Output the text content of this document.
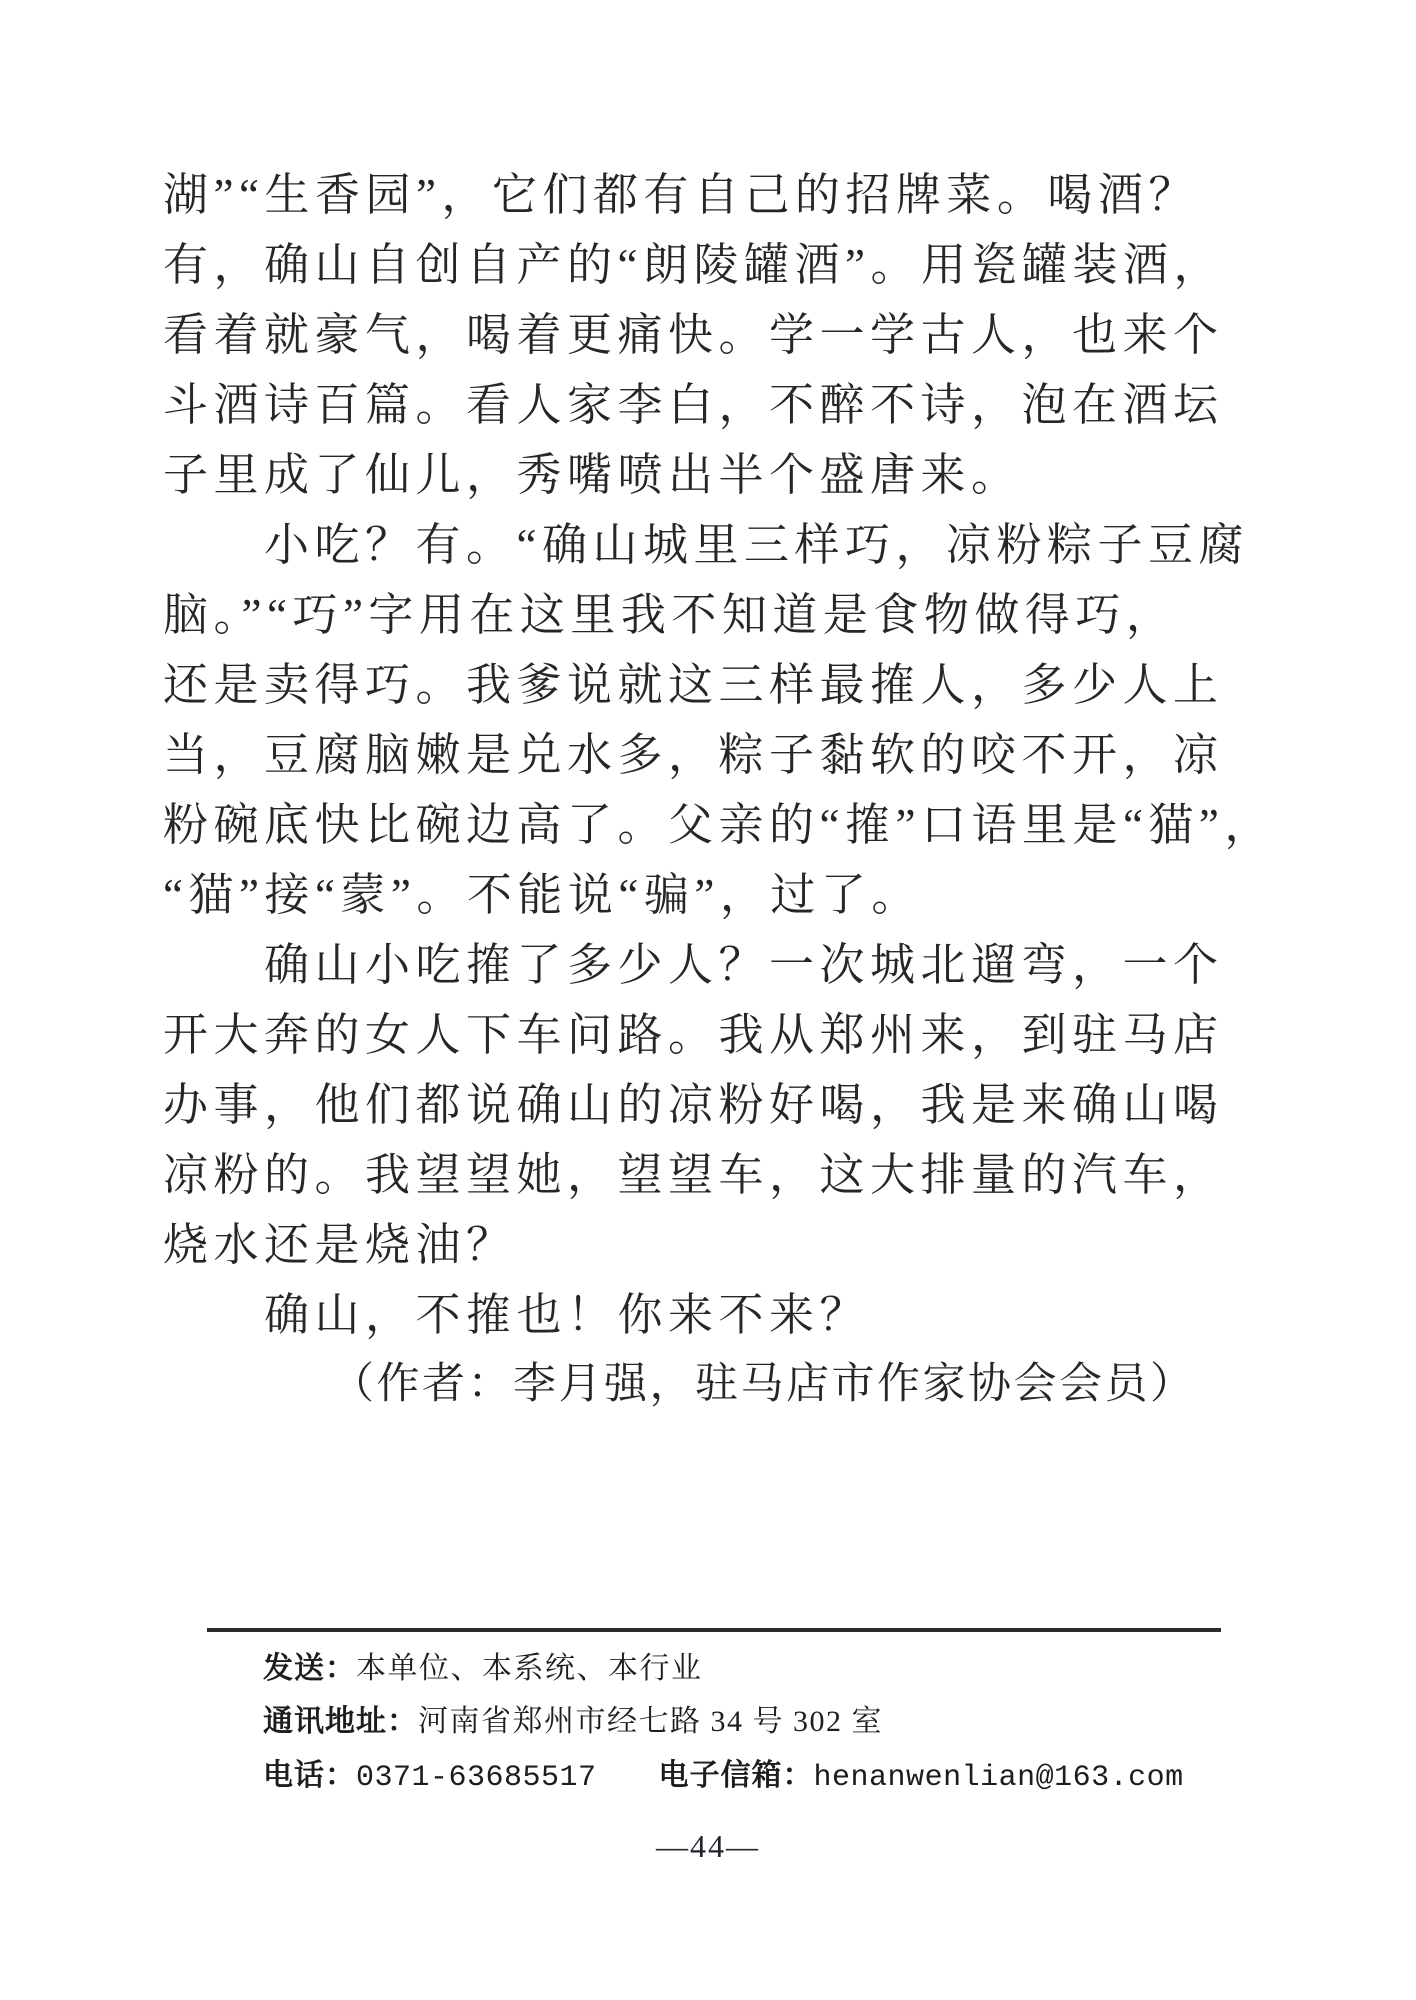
湖”“生香园”，它们都有自己的招牌菜。喝酒？
有，确山自创自产的“朗陵罐酒”。用瓷罐装酒，
看着就豪气，喝着更痛快。学一学古人，也来个
斗酒诗百篇。看人家李白，不醉不诗，泡在酒坛
子里成了仙儿，秀嘴喷出半个盛唐来。
小吃？有。“确山城里三样巧，凉粉粽子豆腐
脑。”“巧”字用在这里我不知道是食物做得巧，
还是卖得巧。我爹说就这三样最搉人，多少人上
当，豆腐脑嫩是兑水多，粽子黏软的咬不开，凉
粉碗底快比碗边高了。父亲的“搉”口语里是“猫”，
“猫”接“蒙”。不能说“骗”，过了。
确山小吃搉了多少人？一次城北遛弯，一个
开大奔的女人下车问路。我从郑州来，到驻马店
办事，他们都说确山的凉粉好喝，我是来确山喝
凉粉的。我望望她，望望车，这大排量的汽车，
烧水还是烧油？
确山，不搉也！你来不来？
（作者：李月强，驻马店市作家协会会员）
发送：本单位、本系统、本行业
通讯地址：河南省郑州市经七路 34 号 302 室
电话：0371-63685517 电子信箱：henanwenlian@163.com
—44—
